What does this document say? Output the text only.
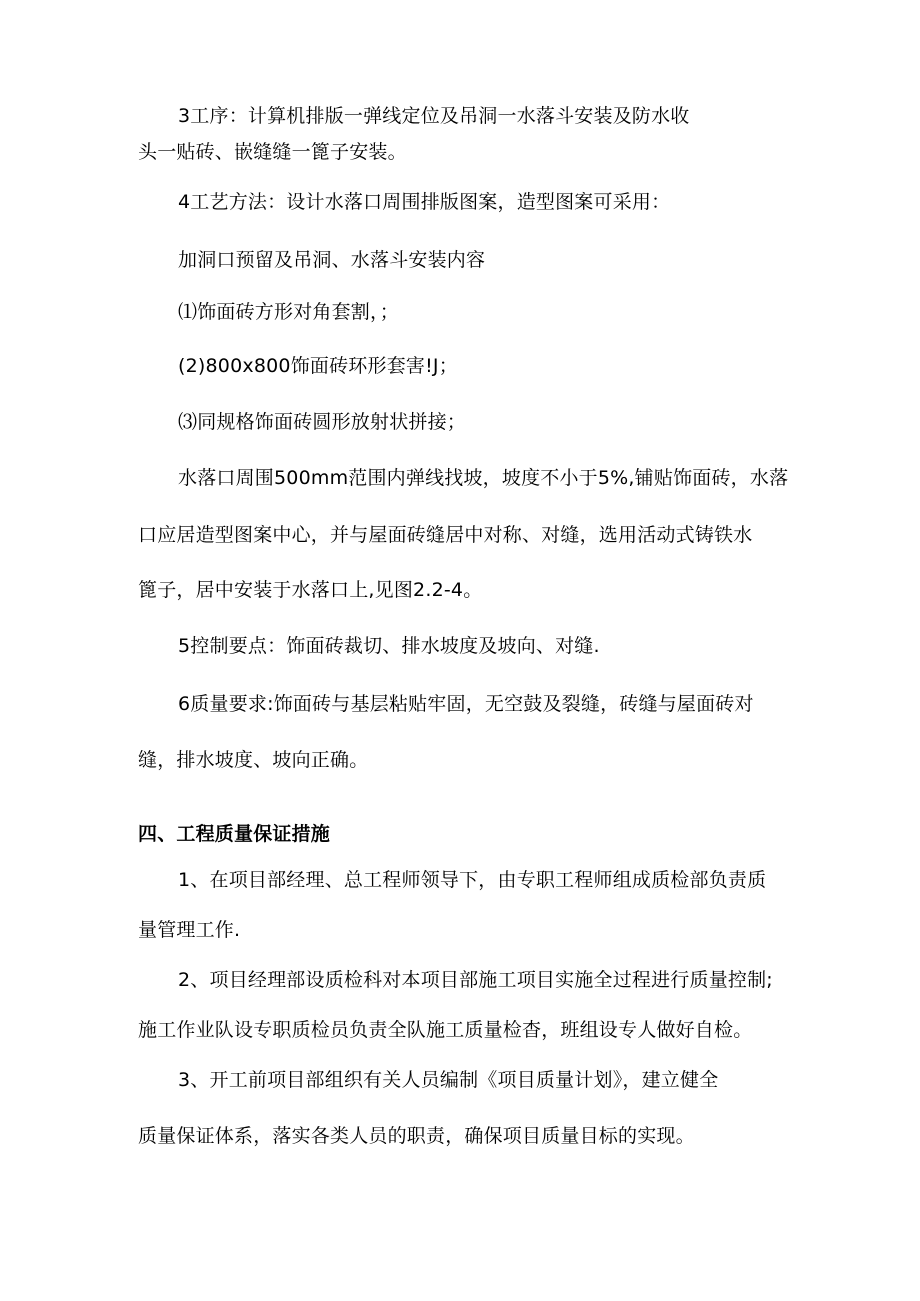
3工序：计算机排版一弹线定位及吊洞一水落斗安装及防水收
头一贴砖、嵌缝缝一篦子安装。
4工艺方法：设计水落口周围排版图案，造型图案可采用：
加洞口预留及吊洞、水落斗安装内容
⑴饰面砖方形对角套割，；
(2)800x800饰面砖环形套害!J；
⑶同规格饰面砖圆形放射状拼接；
水落口周围500mm范围内弹线找坡，坡度不小于5%,铺贴饰面砖，水落
口应居造型图案中心，并与屋面砖缝居中对称、对缝，选用活动式铸铁水
篦子，居中安装于水落口上,见图2.2-4。
5控制要点：饰面砖裁切、排水坡度及坡向、对缝.
6质量要求:饰面砖与基层粘贴牢固，无空鼓及裂缝，砖缝与屋面砖对
缝，排水坡度、坡向正确。
四、工程质量保证措施
1、在项目部经理、总工程师领导下，由专职工程师组成质检部负责质
量管理工作.
2、项目经理部设质检科对本项目部施工项目实施全过程进行质量控制;
施工作业队设专职质检员负责全队施工质量检杳，班组设专人做好自检。
3、开工前项目部组织有关人员编制《项目质量计划》，建立健全
质量保证体系，落实各类人员的职责，确保项目质量目标的实现。
